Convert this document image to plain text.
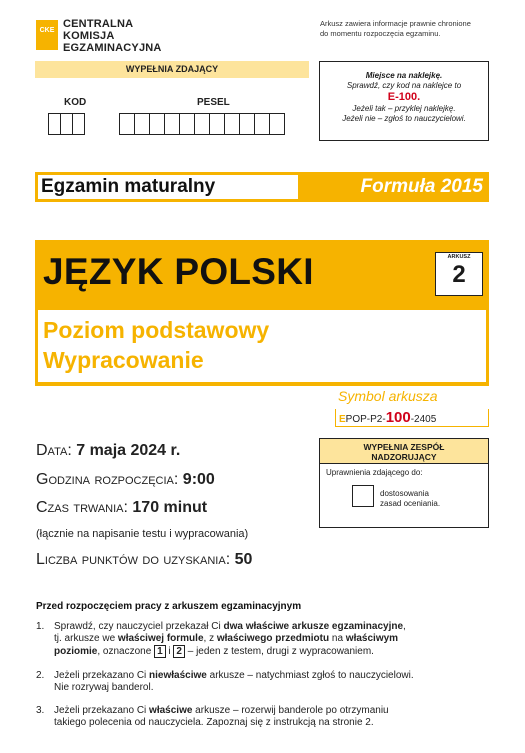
CKE
CENTRALNA
KOMISJA
EGZAMINACYJNA
Arkusz zawiera informacje prawnie chronione
do momentu rozpoczęcia egzaminu.
WYPEŁNIA ZDAJĄCY
KOD	PESEL
Miejsce na naklejkę.
Sprawdź, czy kod na naklejce to
E-100.
Jeżeli tak – przyklej naklejkę.
Jeżeli nie – zgłoś to nauczycielowi.
Egzamin maturalny	Formuła 2015
JĘZYK POLSKI	ARKUSZ
2
Poziom podstawowy
Wypracowanie
Symbol arkusza
EPOP-P2-100-2405
Data: 7 maja 2024 r.
Godzina rozpoczęcia: 9:00
Czas trwania: 170 minut
(łącznie na napisanie testu i wypracowania)
Liczba punktów do uzyskania: 50
WYPEŁNIA ZESPÓŁ
NADZORUJĄCY
Uprawnienia zdającego do:
dostosowania
zasad oceniania.
Przed rozpoczęciem pracy z arkuszem egzaminacyjnym
1. Sprawdź, czy nauczyciel przekazał Ci dwa właściwe arkusze egzaminacyjne,
tj. arkusze we właściwej formule, z właściwego przedmiotu na właściwym
poziomie, oznaczone 1 i 2 – jeden z testem, drugi z wypracowaniem.
2. Jeżeli przekazano Ci niewłaściwe arkusze – natychmiast zgłoś to nauczycielowi.
Nie rozrywaj banderol.
3. Jeżeli przekazano Ci właściwe arkusze – rozerwij banderole po otrzymaniu
takiego polecenia od nauczyciela. Zapoznaj się z instrukcją na stronie 2.
